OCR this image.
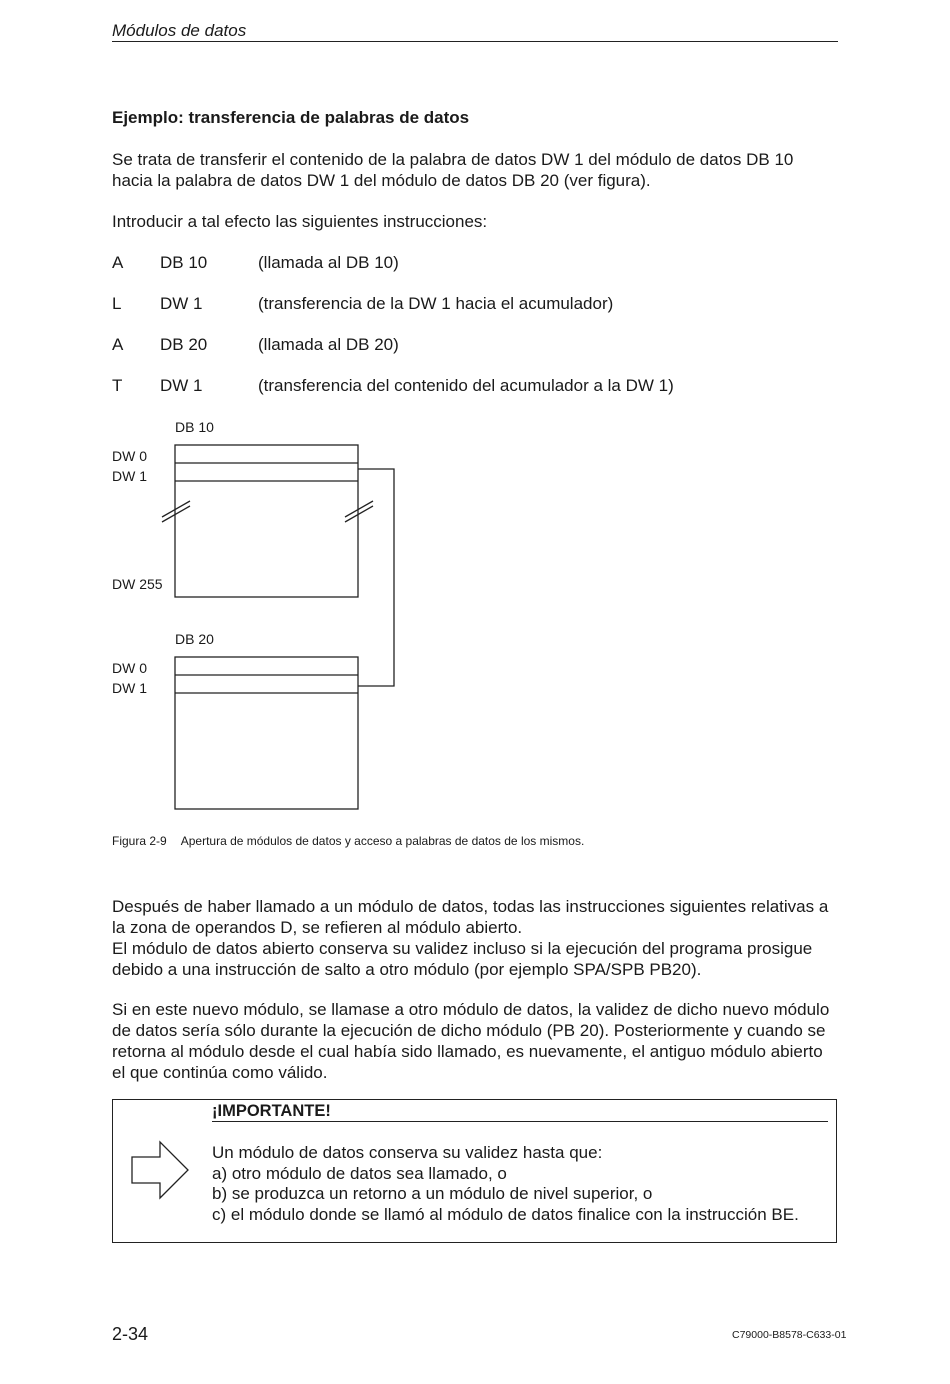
Módulos de datos
Ejemplo: transferencia de palabras de datos
Se trata de transferir el contenido de la palabra de datos DW 1 del módulo de datos DB 10
hacia la palabra de datos DW 1 del módulo de datos DB 20 (ver figura).
Introducir a tal efecto las siguientes instrucciones:
A DB 10	(llamada al DB 10)
L DW 1	(transferencia de la DW 1 hacia el acumulador)
A DB 20	(llamada al DB 20)
T DW 1	(transferencia del contenido del acumulador a la DW 1)
DB 10
DW 0
DW 1
DW 255
DB 20
DW 0
DW 1
Figura 2-9 Apertura de módulos de datos y acceso a palabras de datos de los mismos.
Después de haber llamado a un módulo de datos, todas las instrucciones siguientes relativas a
la zona de operandos D, se refieren al módulo abierto.
El módulo de datos abierto conserva su validez incluso si la ejecución del programa prosigue
debido a una instrucción de salto a otro módulo (por ejemplo SPA/SPB PB20).
Si en este nuevo módulo, se llamase a otro módulo de datos, la validez de dicho nuevo módulo
de datos sería sólo durante la ejecución de dicho módulo (PB 20). Posteriormente y cuando se
retorna al módulo desde el cual había sido llamado, es nuevamente, el antiguo módulo abierto
el que continúa como válido.
¡IMPORTANTE!
Un módulo de datos conserva su validez hasta que:
a) otro módulo de datos sea llamado, o
b) se produzca un retorno a un módulo de nivel superior, o
c) el módulo donde se llamó al módulo de datos finalice con la instrucción BE.
2-34	C79000-B8578-C633-01
